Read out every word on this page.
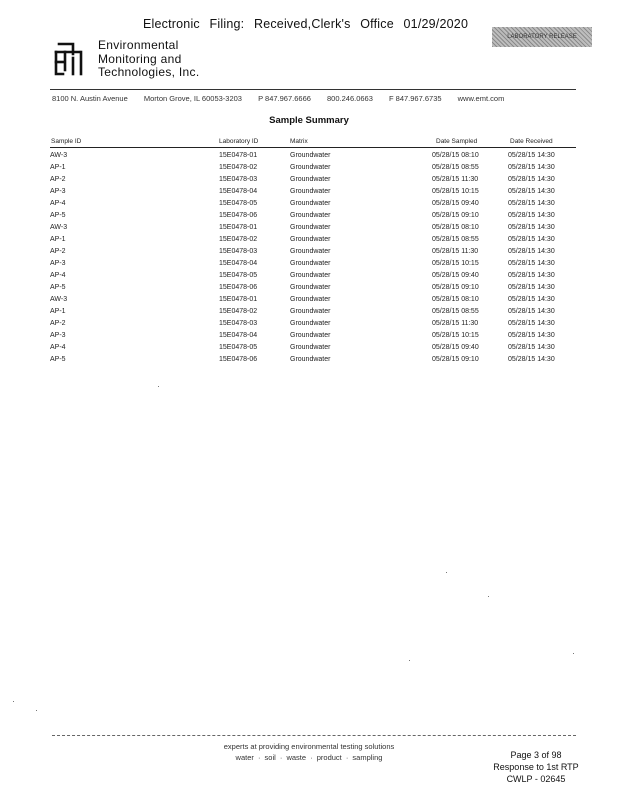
Electronic Filing: Received,Clerk's Office 01/29/2020
LABORATORY RELEASE
Environmental
Monitoring and
Technologies, Inc.
8100 N. Austin Avenue Morton Grove, IL 60053-3203 P 847.967.6666 800.246.0663 F 847.967.6735 www.emt.com
Sample Summary
Sample ID	Laboratory ID	Matrix	Date Sampled	Date Received
AW-3	15E0478-01	Groundwater	05/28/15 08:10	05/28/15 14:30
AP-1	15E0478-02	Groundwater	05/28/15 08:55	05/28/15 14:30
AP-2	15E0478-03	Groundwater	05/28/15 11:30	05/28/15 14:30
AP-3	15E0478-04	Groundwater	05/28/15 10:15	05/28/15 14:30
AP-4	15E0478-05	Groundwater	05/28/15 09:40	05/28/15 14:30
AP-5	15E0478-06	Groundwater	05/28/15 09:10	05/28/15 14:30
AW-3	15E0478-01	Groundwater	05/28/15 08:10	05/28/15 14:30
AP-1	15E0478-02	Groundwater	05/28/15 08:55	05/28/15 14:30
AP-2	15E0478-03	Groundwater	05/28/15 11:30	05/28/15 14:30
AP-3	15E0478-04	Groundwater	05/28/15 10:15	05/28/15 14:30
AP-4	15E0478-05	Groundwater	05/28/15 09:40	05/28/15 14:30
AP-5	15E0478-06	Groundwater	05/28/15 09:10	05/28/15 14:30
AW-3	15E0478-01	Groundwater	05/28/15 08:10	05/28/15 14:30
AP-1	15E0478-02	Groundwater	05/28/15 08:55	05/28/15 14:30
AP-2	15E0478-03	Groundwater	05/28/15 11:30	05/28/15 14:30
AP-3	15E0478-04	Groundwater	05/28/15 10:15	05/28/15 14:30
AP-4	15E0478-05	Groundwater	05/28/15 09:40	05/28/15 14:30
AP-5	15E0478-06	Groundwater	05/28/15 09:10	05/28/15 14:30
experts at providing environmental testing solutions
water · soil · waste · product · sampling	Page 3 of 98
Response to 1st RTP
CWLP - 02645
